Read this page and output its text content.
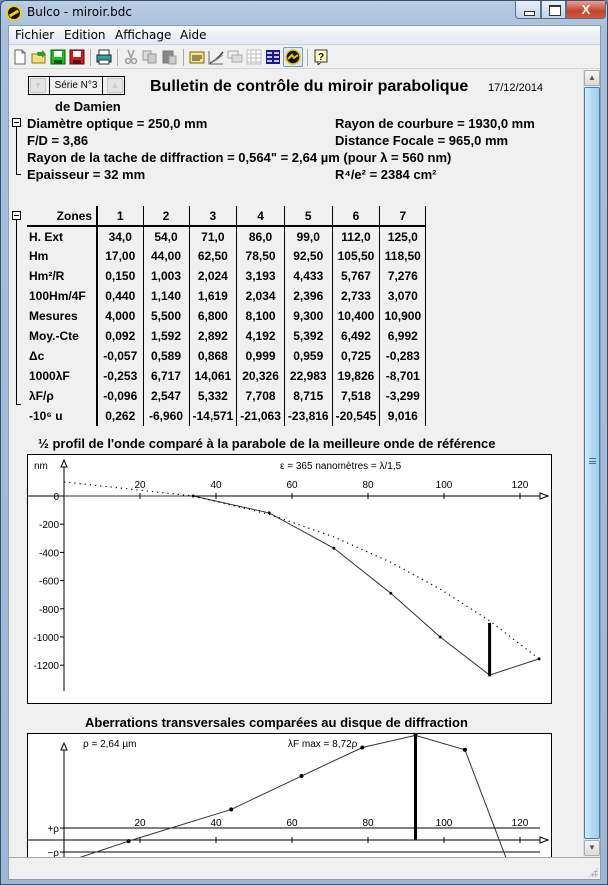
Bulco - miroir.bdc	X
Fichier Edition Affichage Aide
?
▼	Série N°3	▲ Bulletin de contrôle du miroir parabolique 17/12/2014
de Damien
Diamètre optique = 250,0 mm	Rayon de courbure = 1930,0 mm
F/D = 3,86	Distance Focale = 965,0 mm
Rayon de la tache de diffraction = 0,564" = 2,64 µm (pour λ = 560 nm)
Epaisseur = 32 mm	R⁴/e² = 2384 cm²
Zones	1	2	3	4	5	6	7
H. Ext	34,0	54,0	71,0	86,0	99,0	112,0	125,0
Hm	17,00	44,00	62,50	78,50	92,50	105,50	118,50
Hm²/R	0,150	1,003	2,024	3,193	4,433	5,767	7,276
100Hm/4F	0,440	1,140	1,619	2,034	2,396	2,733	3,070
Mesures	4,000	5,500	6,800	8,100	9,300	10,400	10,900
Moy.-Cte	0,092	1,592	2,892	4,192	5,392	6,492	6,992
Δc	-0,057	0,589	0,868	0,999	0,959	0,725	-0,283
1000λF	-0,253	6,717	14,061	20,326	22,983	19,826	-8,701
λF/ρ	-0,096	2,547	5,332	7,708	8,715	7,518	-3,299
-10⁶ u	0,262	-6,960	-14,571	-21,063	-23,816	-20,545	9,016
½ profil de l'onde comparé à la parabole de la meilleure onde de référence
nm	ε = 365 nanomètres = λ/1,5
20	40	60	80	100	120
0
-200
-400
-600
-800
-1000
-1200
Aberrations transversales comparées au disque de diffraction
ρ = 2,64 µm	λF max = 8,72ρ
+ρ
−ρ
20	40	60	80	100	120
▲
▼
